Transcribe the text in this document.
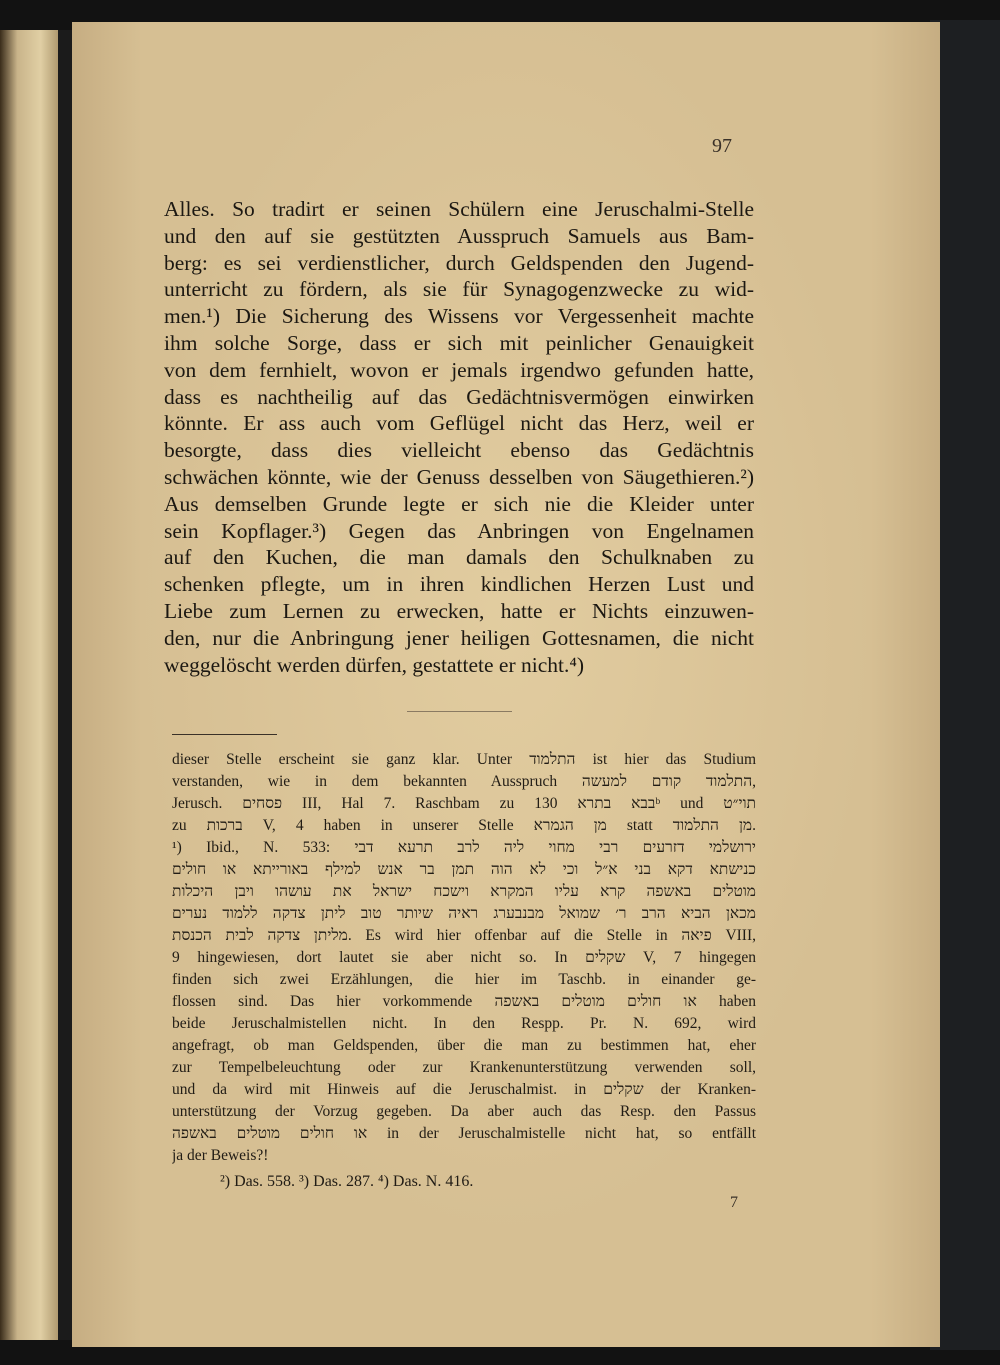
97

Alles. So tradirt er seinen Schülern eine Jeruschalmi-Stelle
und den auf sie gestützten Ausspruch Samuels aus Bam-
berg: es sei verdienstlicher, durch Geldspenden den Jugend-
unterricht zu fördern, als sie für Synagogenzwecke zu wid-
men.¹) Die Sicherung des Wissens vor Vergessenheit machte
ihm solche Sorge, dass er sich mit peinlicher Genauigkeit
von dem fernhielt, wovon er jemals irgendwo gefunden hatte,
dass es nachtheilig auf das Gedächtnisvermögen einwirken
könnte. Er ass auch vom Geflügel nicht das Herz, weil er
besorgte, dass dies vielleicht ebenso das Gedächtnis
schwächen könnte, wie der Genuss desselben von Säugethieren.²)
Aus demselben Grunde legte er sich nie die Kleider unter
sein Kopflager.³) Gegen das Anbringen von Engelnamen
auf den Kuchen, die man damals den Schulknaben zu
schenken pflegte, um in ihren kindlichen Herzen Lust und
Liebe zum Lernen zu erwecken, hatte er Nichts einzuwen-
den, nur die Anbringung jener heiligen Gottesnamen, die nicht
weggelöscht werden dürfen, gestattete er nicht.⁴)

dieser Stelle erscheint sie ganz klar. Unter התלמוד ist hier das Studium
verstanden, wie in dem bekannten Ausspruch התלמוד קודם למעשה,
Jerusch. פסחים III, Hal 7. Raschbam zu בבא בתרא 130ᵇ und תוי״ט
zu ברכות V, 4 haben in unserer Stelle מן הגמרא statt מן התלמוד.
¹) Ibid., N. 533: ירושלמי דזרעים רבי מחוי ליה לרב תרעא דבי
כנישתא דקא בני א״ל וכי לא הוה תמן בר אנש למילף באורייתא או חולים
מוטלים באשפה קרא עליו המקרא וישכח ישראל את עושהו ויבן היכלות
מכאן הביא הרב ר׳ שמואל מבנבערג ראיה שיותר טוב ליתן צדקה ללמוד נערים
מליתן צדקה לבית הכנסת. Es wird hier offenbar auf die Stelle in פיאה VIII,
9 hingewiesen, dort lautet sie aber nicht so. In שקלים V, 7 hingegen
finden sich zwei Erzählungen, die hier im Taschb. in einander ge-
flossen sind. Das hier vorkommende או חולים מוטלים באשפה haben
beide Jeruschalmistellen nicht. In den Respp. Pr. N. 692, wird
angefragt, ob man Geldspenden, über die man zu bestimmen hat, eher
zur Tempelbeleuchtung oder zur Krankenunterstützung verwenden soll,
und da wird mit Hinweis auf die Jeruschalmist. in שקלים der Kranken-
unterstützung der Vorzug gegeben. Da aber auch das Resp. den Passus
או חולים מוטלים באשפה in der Jeruschalmistelle nicht hat, so entfällt
ja der Beweis?!
²) Das. 558. ³) Das. 287. ⁴) Das. N. 416.
7
